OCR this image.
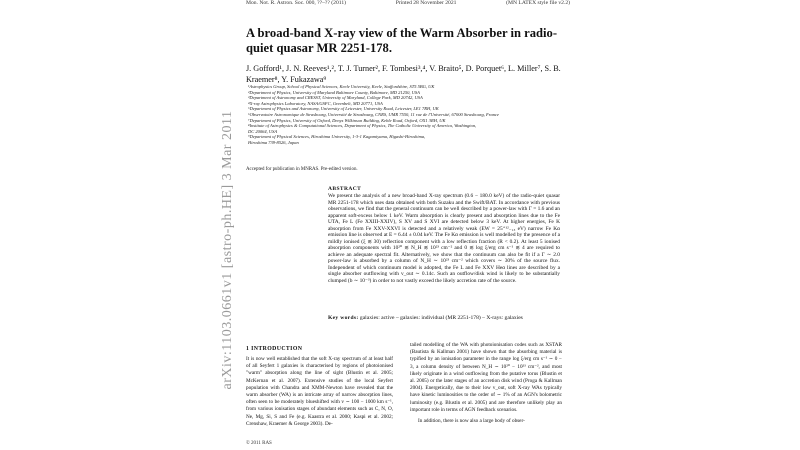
arXiv:1103.0661v1 [astro-ph.HE] 3 Mar 2011
Mon. Not. R. Astron. Soc. 000, ??–?? (2011)	Printed 28 November 2021	(MN LATEX style file v2.2)
A broad-band X-ray view of the Warm Absorber in radio-quiet quasar MR 2251-178.
J. Gofford¹, J. N. Reeves¹,², T. J. Turner², F. Tombesi³,⁴, V. Braito⁵, D. Porquet⁶, L. Miller⁷, S. B. Kraemer⁸, Y. Fukazawa⁹
¹Astrophysics Group, School of Physical Sciences, Keele University, Keele, Staffordshire, ST5 5BG, UK
²Department of Physics, University of Maryland Baltimore County, Baltimore, MD 21250, USA
³Department of Astronomy and CRESST, University of Maryland, College Park, MD 20742, USA
⁴X-ray Astrophysics Laboratory, NASA/GSFC, Greenbelt, MD 20771, USA
⁵Department of Physics and Astronomy, University of Leicester, University Road, Leicester, LE1 7RH, UK
⁶Observatoire Astronomique de Strasbourg, Université de Strasbourg, CNRS, UMR 7550, 11 rue de l'Université, 67000 Strasbourg, France
⁷Department of Physics, University of Oxford, Denys Wilkinson Building, Keble Road, Oxford, OX1 3RH, UK
⁸Institute of Astrophysics & Computational Sciences, Department of Physics, The Catholic University of America, Washington,
DC 20064, USA
⁹Department of Physical Sciences, Hiroshima University, 1-3-1 Kagamiyama, Higashi-Hiroshima,
Hiroshima 739-8526, Japan
Accepted for publication in MNRAS. Pre-edited version.
ABSTRACT
We present the analysis of a new broad-band X-ray spectrum (0.6 − 180.0 keV) of the radio-quiet quasar MR 2251-178 which uses data obtained with both Suzaku and the Swift/BAT. In accordance with previous observations, we find that the general continuum can be well described by a power-law with Γ = 1.6 and an apparent soft-excess below 1 keV. Warm absorption is clearly present and absorption lines due to the Fe UTA, Fe L (Fe XXIII-XXIV), S XV and S XVI are detected below 3 keV. At higher energies, Fe K absorption from Fe XXV-XXVI is detected and a relatively weak (EW = 25⁺¹²₋₁₃ eV) narrow Fe Kα emission line is observed at E = 6.44 ± 0.04 keV. The Fe Kα emission is well modelled by the presence of a mildly ionised (ξ ≲ 30) reflection component with a low reflection fraction (R < 0.2). At least 5 ionised absorption components with 10²⁰ ≲ N_H ≲ 10²³ cm⁻² and 0 ≲ log ξ/erg cm s⁻¹ ≲ 4 are required to achieve an adequate spectral fit. Alternatively, we show that the continuum can also be fit if a Γ ∼ 2.0 power-law is absorbed by a column of N_H ∼ 10²³ cm⁻² which covers ∼ 30% of the source flux. Independent of which continuum model is adopted, the Fe L and Fe XXV Heα lines are described by a single absorber outflowing with v_out ∼ 0.14c. Such an outflow/disk wind is likely to be substantially clumped (b ∼ 10⁻³) in order to not vastly exceed the likely accretion rate of the source.
Key words: galaxies: active – galaxies: individual (MR 2251-178) – X-rays: galaxies
1 INTRODUCTION

It is now well established that the soft X-ray spectrum of at least half of all Seyfert 1 galaxies is characterised by regions of photoionised "warm" absorption along the line of sight (Blustin et al. 2005; McKernan et al. 2007). Extensive studies of the local Seyfert population with Chandra and XMM-Newton have revealed that the warm absorber (WA) is an intricate array of narrow absorption lines, often seen to be moderately blueshifted with v ∼ 100 − 1000 km s⁻¹, from various ionisation stages of abundant elements such as C, N, O, Ne, Mg, Si, S and Fe (e.g. Kaastra et al. 2000; Kaspi et al. 2002; Crenshaw, Kraemer & George 2003). De-

tailed modelling of the WA with photoionisation codes such as XSTAR (Bautista & Kallman 2001) have shown that the absorbing material is typified by an ionisation parameter in the range log ξ/erg cm s⁻¹ ∼ 0 − 3, a column density of between N_H ∼ 10²⁰ − 10²³ cm⁻², and most likely originate in a wind outflowing from the putative torus (Blustin et al. 2005) or the later stages of an accretion disk wind (Proga & Kallman 2004). Energetically, due to their low v_out, soft X-ray WAs typically have kinetic luminosities to the order of ∼ 1% of an AGN's bolometric luminosity (e.g. Blustin et al. 2005) and are therefore unlikely play an important role in terms of AGN feedback scenarios.

In addition, there is now also a large body of obser-

© 2011 RAS
